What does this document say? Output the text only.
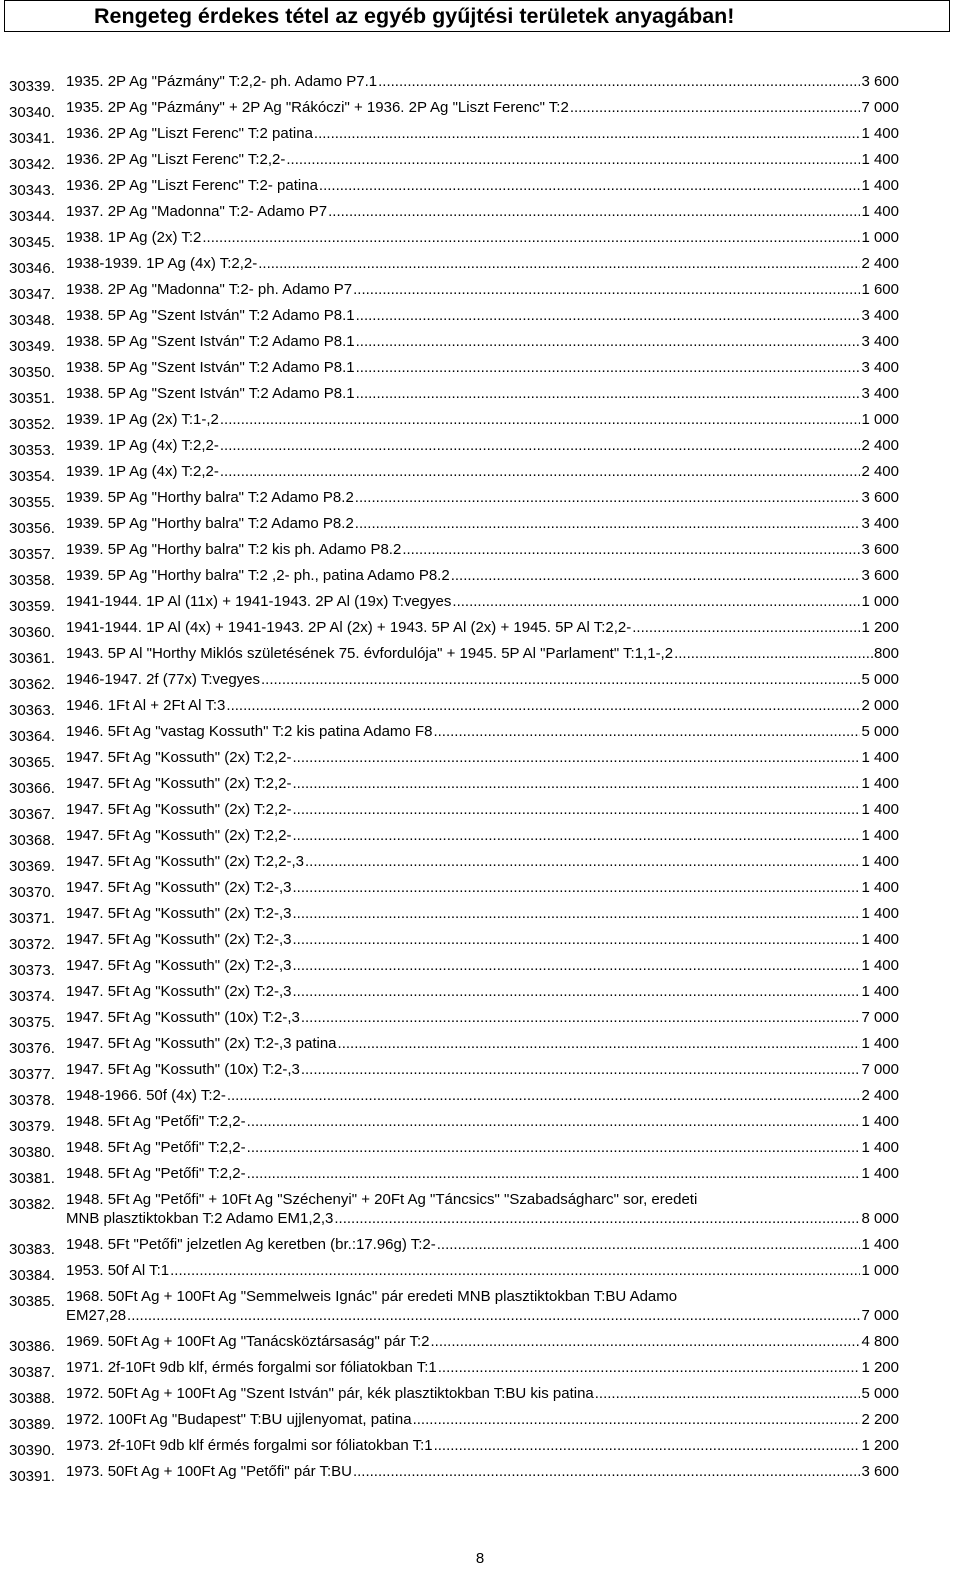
Rengeteg érdekes tétel az egyéb gyűjtési területek anyagában!
30339. 1935. 2P Ag "Pázmány" T:2,2- ph. Adamo P7.1 .....	3 600
30340. 1935. 2P Ag "Pázmány" + 2P Ag "Rákóczi" + 1936. 2P Ag "Liszt Ferenc" T:2 .....	7 000
30341. 1936. 2P Ag "Liszt Ferenc" T:2 patina .....	1 400
30342. 1936. 2P Ag "Liszt Ferenc" T:2,2- .....	1 400
30343. 1936. 2P Ag "Liszt Ferenc" T:2- patina .....	1 400
30344. 1937. 2P Ag "Madonna" T:2- Adamo P7 .....	1 400
30345. 1938. 1P Ag (2x) T:2 .....	1 000
30346. 1938-1939. 1P Ag (4x) T:2,2- .....	2 400
30347. 1938. 2P Ag "Madonna" T:2- ph. Adamo P7 .....	1 600
30348. 1938. 5P Ag "Szent István" T:2 Adamo P8.1 .....	3 400
30349. 1938. 5P Ag "Szent István" T:2 Adamo P8.1 .....	3 400
30350. 1938. 5P Ag "Szent István" T:2 Adamo P8.1 .....	3 400
30351. 1938. 5P Ag "Szent István" T:2 Adamo P8.1 .....	3 400
30352. 1939. 1P Ag (2x) T:1-,2 .....	1 000
30353. 1939. 1P Ag (4x) T:2,2- .....	2 400
30354. 1939. 1P Ag (4x) T:2,2- .....	2 400
30355. 1939. 5P Ag "Horthy balra" T:2 Adamo P8.2 .....	3 600
30356. 1939. 5P Ag "Horthy balra" T:2 Adamo P8.2 .....	3 400
30357. 1939. 5P Ag "Horthy balra" T:2 kis ph. Adamo P8.2 .....	3 600
30358. 1939. 5P Ag "Horthy balra" T:2 ,2- ph., patina Adamo P8.2 .....	3 600
30359. 1941-1944. 1P Al (11x) + 1941-1943. 2P Al (19x) T:vegyes .....	1 000
30360. 1941-1944. 1P Al (4x) + 1941-1943. 2P Al (2x) + 1943. 5P Al (2x) + 1945. 5P Al T:2,2- .....	1 200
30361. 1943. 5P Al "Horthy Miklós születésének 75. évfordulója" + 1945. 5P Al "Parlament" T:1,1-,2 .....	800
30362. 1946-1947. 2f (77x) T:vegyes .....	5 000
30363. 1946. 1Ft Al + 2Ft Al T:3 .....	2 000
30364. 1946. 5Ft Ag "vastag Kossuth" T:2 kis patina Adamo F8 .....	5 000
30365. 1947. 5Ft Ag "Kossuth" (2x) T:2,2- .....	1 400
30366. 1947. 5Ft Ag "Kossuth" (2x) T:2,2- .....	1 400
30367. 1947. 5Ft Ag "Kossuth" (2x) T:2,2- .....	1 400
30368. 1947. 5Ft Ag "Kossuth" (2x) T:2,2- .....	1 400
30369. 1947. 5Ft Ag "Kossuth" (2x) T:2,2-,3 .....	1 400
30370. 1947. 5Ft Ag "Kossuth" (2x) T:2-,3 .....	1 400
30371. 1947. 5Ft Ag "Kossuth" (2x) T:2-,3 .....	1 400
30372. 1947. 5Ft Ag "Kossuth" (2x) T:2-,3 .....	1 400
30373. 1947. 5Ft Ag "Kossuth" (2x) T:2-,3 .....	1 400
30374. 1947. 5Ft Ag "Kossuth" (2x) T:2-,3 .....	1 400
30375. 1947. 5Ft Ag "Kossuth" (10x) T:2-,3 .....	7 000
30376. 1947. 5Ft Ag "Kossuth" (2x) T:2-,3 patina .....	1 400
30377. 1947. 5Ft Ag "Kossuth" (10x) T:2-,3 .....	7 000
30378. 1948-1966. 50f (4x) T:2- .....	2 400
30379. 1948. 5Ft Ag "Petőfi" T:2,2- .....	1 400
30380. 1948. 5Ft Ag "Petőfi" T:2,2- .....	1 400
30381. 1948. 5Ft Ag "Petőfi" T:2,2- .....	1 400
30382. 1948. 5Ft Ag "Petőfi" + 10Ft Ag "Széchenyi" + 20Ft Ag "Táncsics" "Szabadságharc" sor, eredeti
MNB plasztiktokban T:2 Adamo EM1,2,3 .....	8 000
30383. 1948. 5Ft "Petőfi" jelzetlen Ag keretben (br.:17.96g) T:2- .....	1 400
30384. 1953. 50f Al T:1 .....	1 000
30385. 1968. 50Ft Ag + 100Ft Ag "Semmelweis Ignác" pár eredeti MNB plasztiktokban T:BU Adamo
EM27,28 .....	7 000
30386. 1969. 50Ft Ag + 100Ft Ag "Tanácsköztársaság" pár T:2 .....	4 800
30387. 1971. 2f-10Ft 9db klf, érmés forgalmi sor fóliatokban T:1 .....	1 200
30388. 1972. 50Ft Ag + 100Ft Ag "Szent István" pár, kék plasztiktokban T:BU kis patina .....	5 000
30389. 1972. 100Ft Ag "Budapest" T:BU ujjlenyomat, patina .....	2 200
30390. 1973. 2f-10Ft 9db klf érmés forgalmi sor fóliatokban T:1 .....	1 200
30391. 1973. 50Ft Ag + 100Ft Ag "Petőfi" pár T:BU .....	3 600
8
